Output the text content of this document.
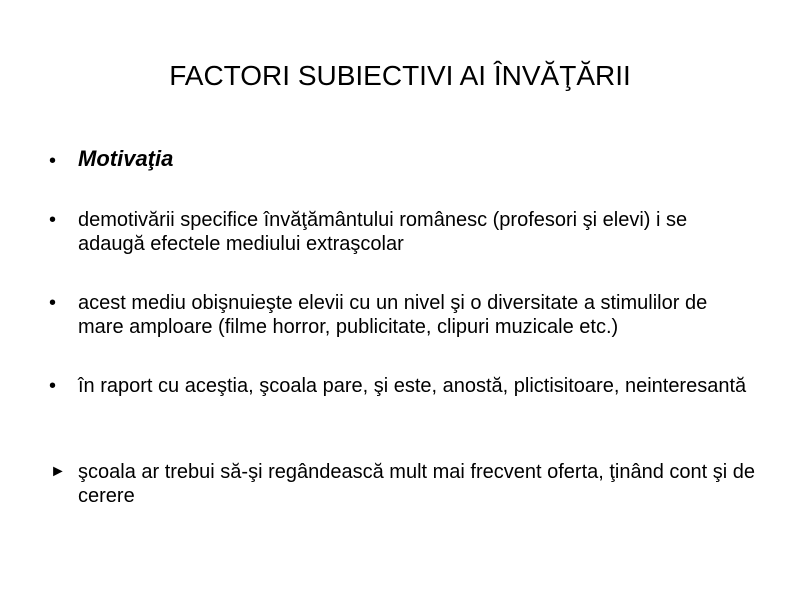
FACTORI SUBIECTIVI AI ÎNVĂŢĂRII
• Motivaţia
• demotivării specifice învăţământului românesc (profesori şi elevi) i se adaugă efectele mediului extraşcolar
• acest mediu obişnuieşte elevii cu un nivel şi o diversitate a stimulilor de mare amploare (filme horror, publicitate, clipuri muzicale etc.)
• în raport cu aceştia, şcoala pare, şi este, anostă, plictisitoare, neinteresantă
► şcoala ar trebui să-şi regândească mult mai frecvent oferta, ţinând cont şi de cerere
